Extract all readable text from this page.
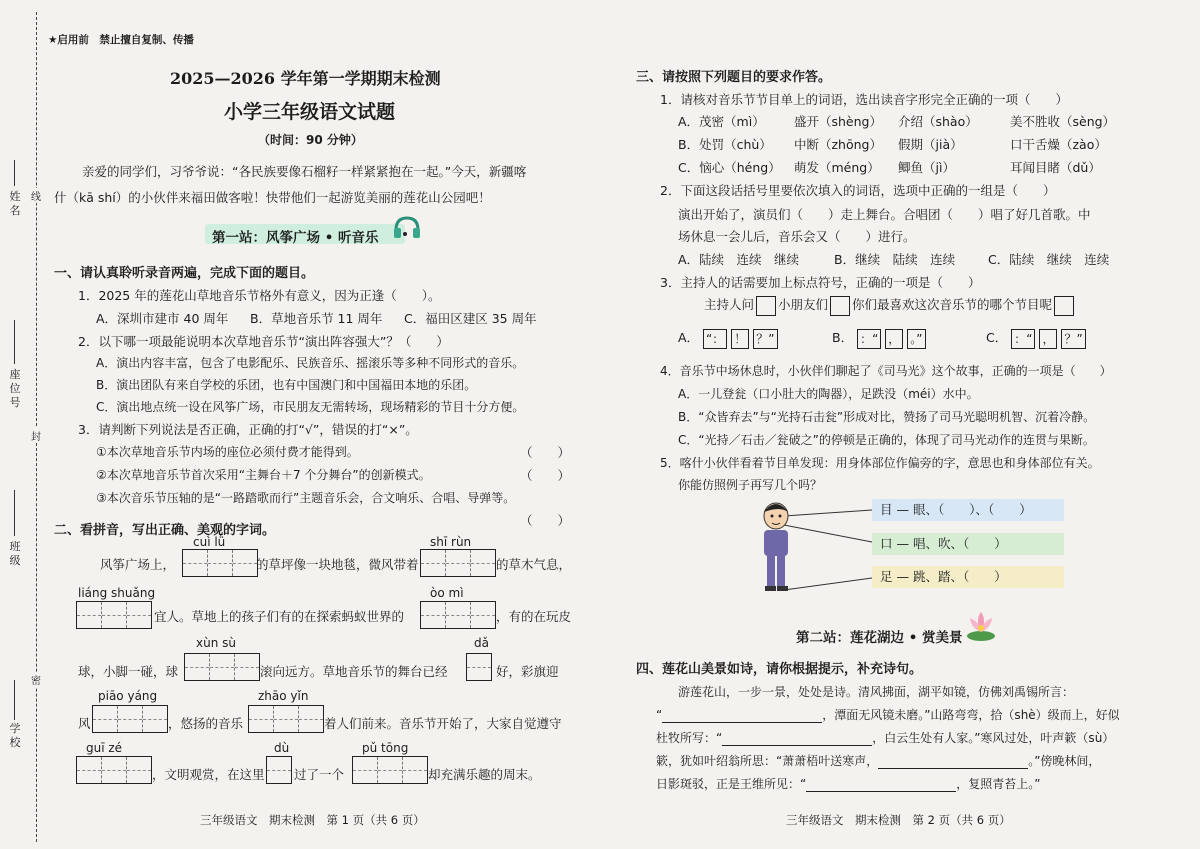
姓名
座位号
班级
学校
线
封
密
★启用前　禁止擅自复制、传播
2025—2026 学年第一学期期末检测
小学三年级语文试题
（时间：90 分钟）
亲爱的同学们，习爷爷说：“各民族要像石榴籽一样紧紧抱在一起。”今天，新疆喀
什（kā shí）的小伙伴来福田做客啦！快带他们一起游览美丽的莲花山公园吧！
第一站：风筝广场 • 听音乐
一、请认真聆听录音两遍，完成下面的题目。
1．2025 年的莲花山草地音乐节格外有意义，因为正逢（　　）。
A．深圳市建市 40 周年 B．草地音乐节 11 周年 C．福田区建区 35 周年
2．以下哪一项最能说明本次草地音乐节“演出阵容强大”？（　　）
A．演出内容丰富，包含了电影配乐、民族音乐、摇滚乐等多种不同形式的音乐。
B．演出团队有来自学校的乐团，也有中国澳门和中国福田本地的乐团。
C．演出地点统一设在风筝广场，市民朋友无需转场，现场精彩的节目十分方便。
3．请判断下列说法是否正确，正确的打“√”，错误的打“×”。
①本次草地音乐节内场的座位必须付费才能得到。	（　　）
②本次草地音乐节首次采用“主舞台＋7 个分舞台”的创新模式。	（　　）
③本次音乐节压轴的是“一路踏歌而行”主题音乐会，合文响乐、合唱、导弹等。
（　　）
二、看拼音，写出正确、美观的字词。
cuì lǜ
风筝广场上，	的草坪像一块地毯，微风带着
shī rùn
的草木气息，
liáng shuǎng
宜人。草地上的孩子们有的在探索蚂蚁世界的
òo mì
，有的在玩皮
球，小脚一碰，球
xùn sù
滚向远方。草地音乐节的舞台已经
dǎ
好，彩旗迎
风
piāo yáng
，悠扬的音乐
zhāo yǐn
着人们前来。音乐节开始了，大家自觉遵守
guī zé
，文明观赏，在这里
dù
过了一个
pǔ tōng
却充满乐趣的周末。
三年级语文　期末检测　第 1 页（共 6 页）
三、请按照下列题目的要求作答。
1．请核对音乐节节目单上的词语，选出读音字形完全正确的一项（　　）
A．茂密（mì） 盛开（shèng） 介绍（shào）	美不胜收（sèng）
B．处罚（chù） 中断（zhōng） 假期（jià）	口干舌燥（zào）
C．恼心（héng） 萌发（méng） 鲫鱼（jì）	耳闻目睹（dǔ）
2．下面这段话括号里要依次填入的词语，选项中正确的一组是（　　）
演出开始了，演员们（　　）走上舞台。合唱团（　　）唱了好几首歌。中
场休息一会儿后，音乐会又（　　）进行。
A．陆续　连续　继续	B．继续　陆续　连续	C．陆续　继续　连续
3．主持人的话需要加上标点符号，正确的一项是（　　）
主持人问 小朋友们 你们最喜欢这次音乐节的哪个节目呢
A． “： ！ ？”	B． ：“ ， 。”	C． ：“ ， ？”
4．音乐节中场休息时，小伙伴们聊起了《司马光》这个故事，正确的一项是（　　）
A．一儿登瓮（口小肚大的陶器），足跌没（méi）水中。
B．“众皆弃去”与“光持石击瓮”形成对比，赞扬了司马光聪明机智、沉着冷静。
C．“光持／石击／瓮破之”的停顿是正确的，体现了司马光动作的连贯与果断。
5．喀什小伙伴看着节目单发现：用身体部位作偏旁的字，意思也和身体部位有关。
你能仿照例子再写几个吗？
目 — 眼、（　　）、（　　）
口 — 唱、吹、（　　）
足 — 跳、踏、（　　）
第二站：莲花湖边 • 赏美景
四、莲花山美景如诗，请你根据提示，补充诗句。
游莲花山，一步一景，处处是诗。清风拂面，湖平如镜，仿佛刘禹锡所言：
“	，潭面无风镜未磨。”山路弯弯，拾（shè）级而上，好似
杜牧所写：“	，白云生处有人家。”寒风过处，叶声簌（sù）
簌，犹如叶绍翁所思：“萧萧梧叶送寒声，	。”傍晚林间，
日影斑驳，正是王维所见：“	，复照青苔上。”
三年级语文　期末检测　第 2 页（共 6 页）
